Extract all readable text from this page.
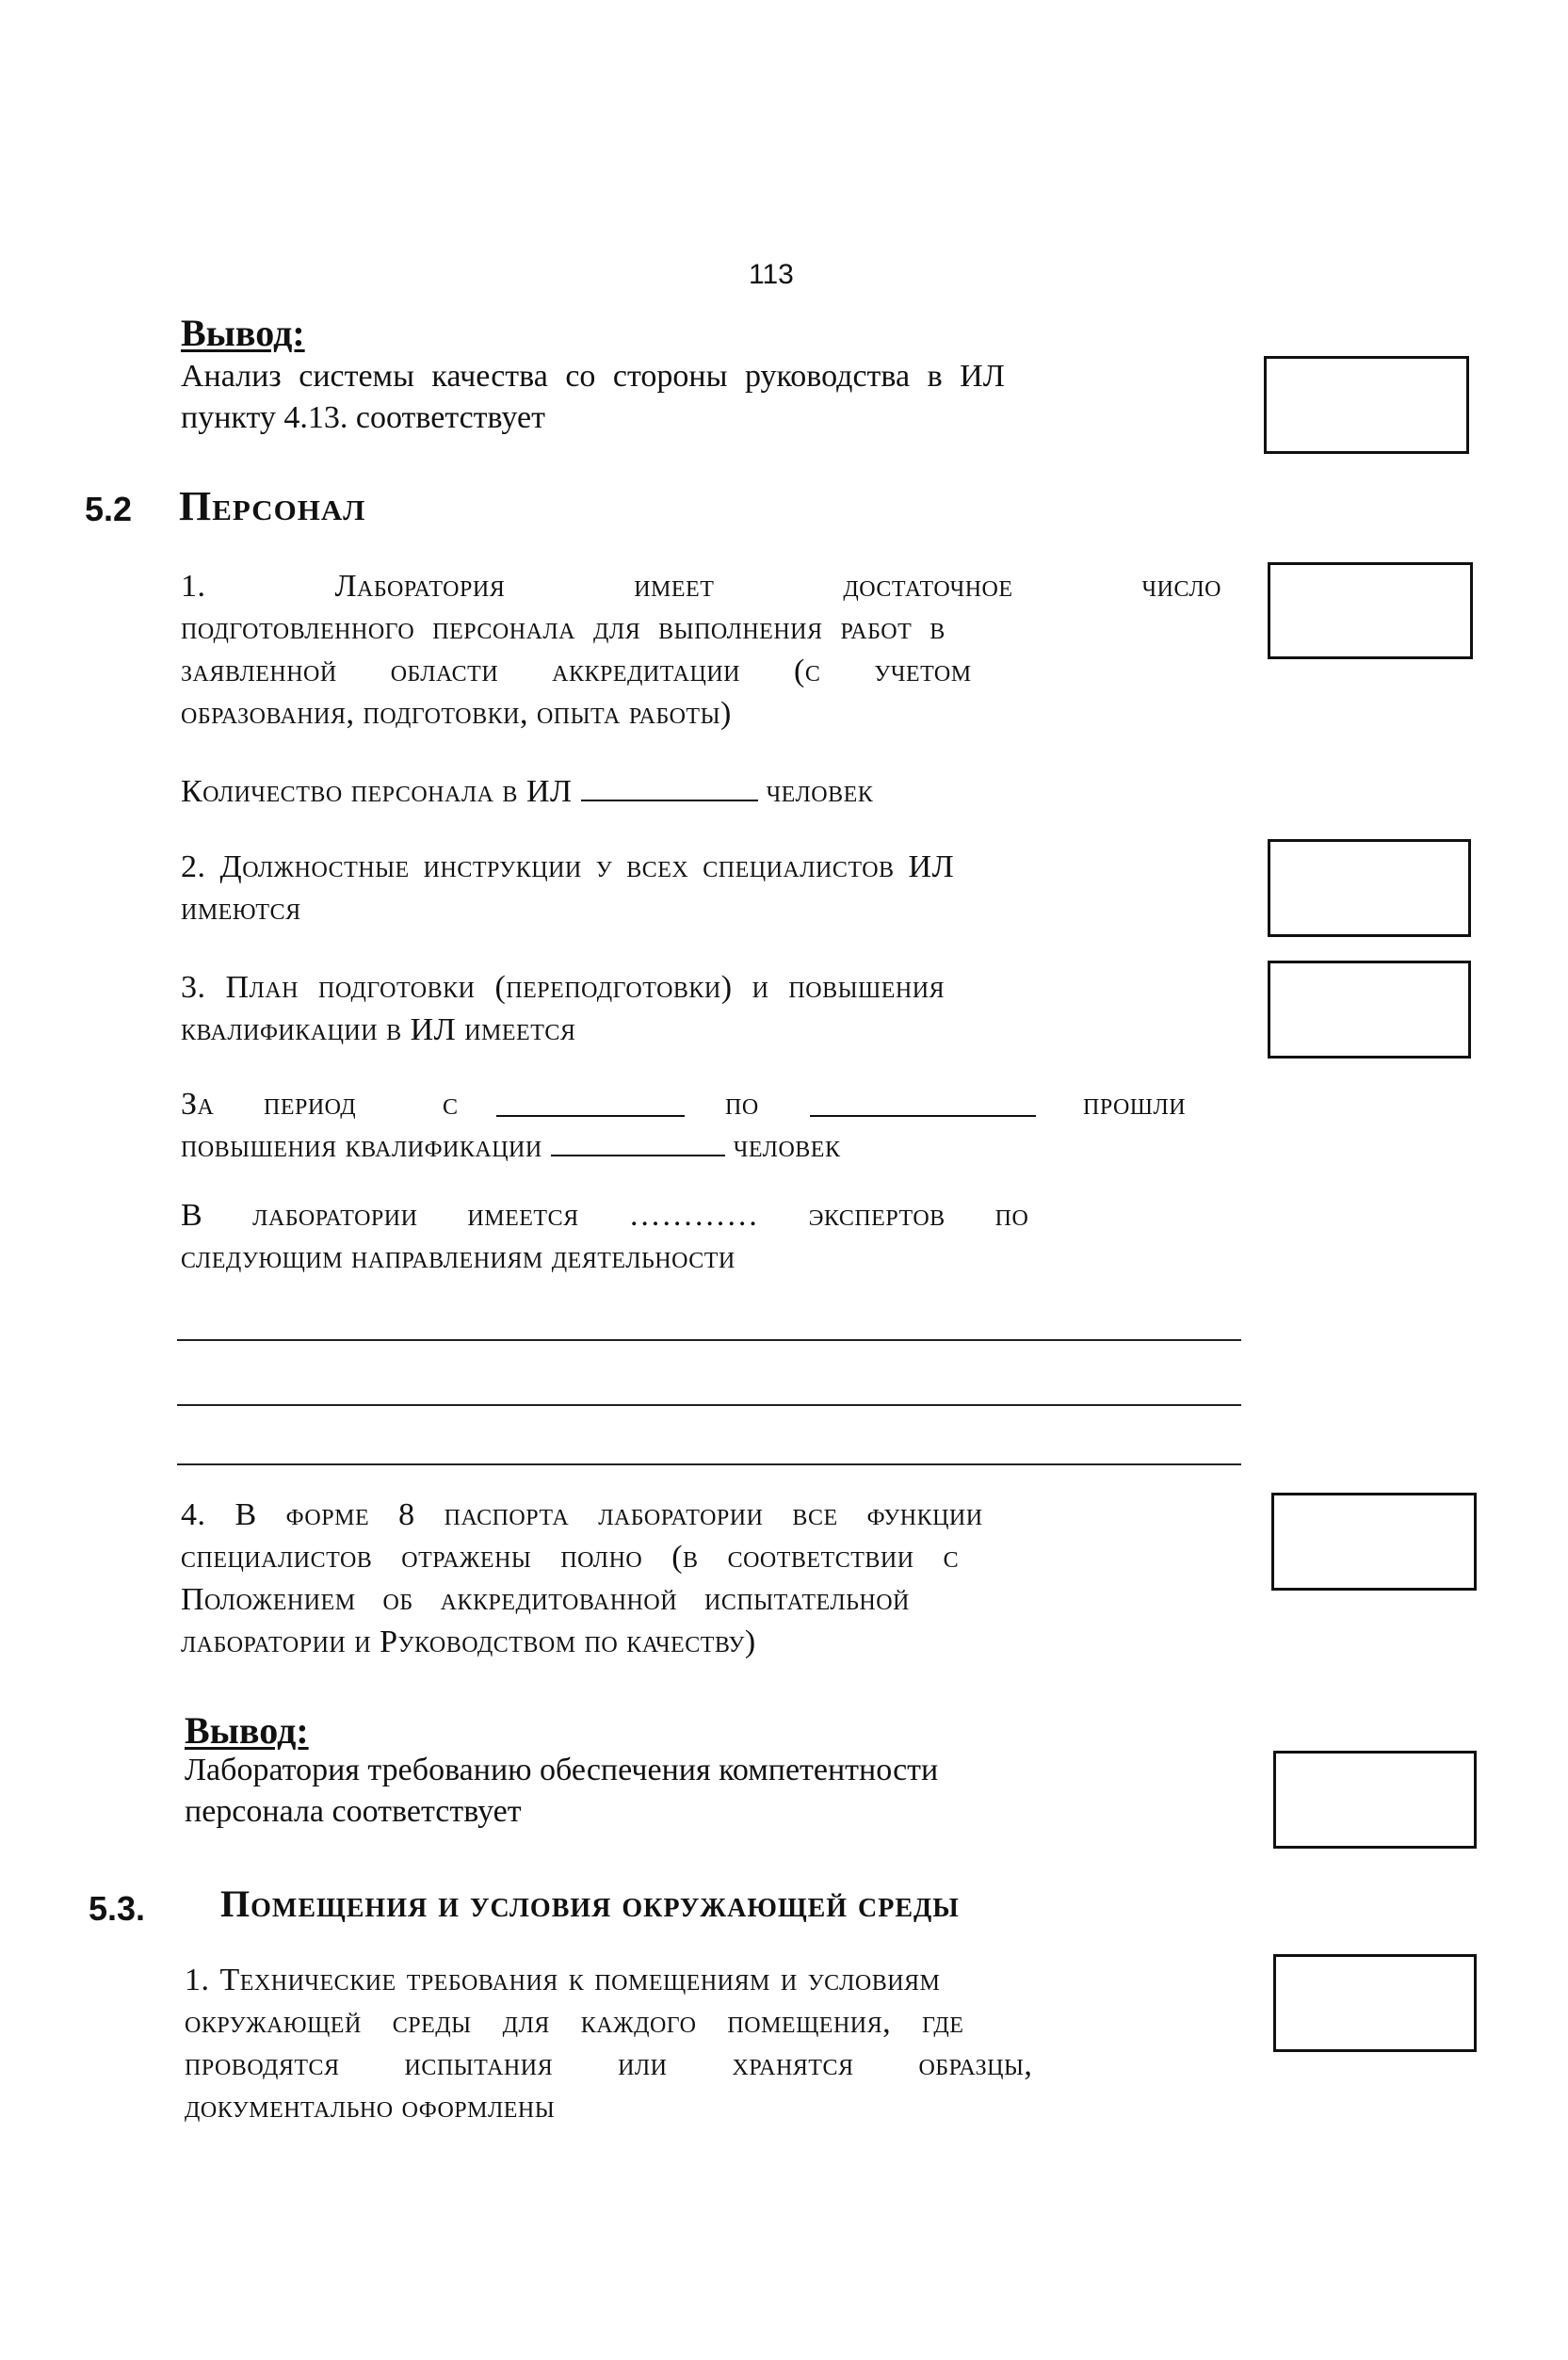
113
Вывод:
Анализ системы качества со стороны руководства в ИЛ
пункту 4.13. соответствует
5.2 Персонал
1. Лаборатория имеет достаточное число
подготовленного персонала для выполнения работ в
заявленной области аккредитации (с учетом
образования, подготовки, опыта работы)
Количество персонала в ИЛ	человек
2. Должностные инструкции у всех специалистов ИЛ
имеются
3. План подготовки (переподготовки) и повышения
квалификации в ИЛ имеется
За период	с	по	прошли
повышения квалификации	человек
В лаборатории имеется ………… экспертов по
следующим направлениям деятельности
4. В форме 8 паспорта лаборатории все функции
специалистов отражены полно (в соответствии с
Положением об аккредитованной испытательной
лаборатории и Руководством по качеству)
Вывод:
Лаборатория требованию обеспечения компетентности
персонала соответствует
5.3. Помещения и условия окружающей среды
1. Технические требования к помещениям и условиям
окружающей среды для каждого помещения, где
проводятся испытания или хранятся образцы,
документально оформлены
